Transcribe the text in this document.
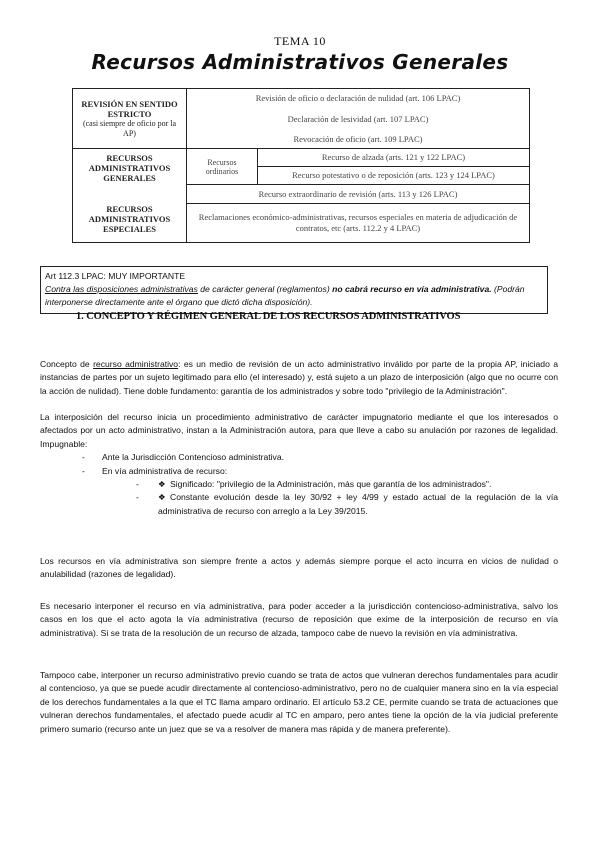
TEMA 10
Recursos Administrativos Generales
REVISIÓN EN SENTIDO ESTRICTO
(casi siempre de oficio por la AP)	Revisión de oficio o declaración de nulidad (art. 106 LPAC)	
	Declaración de lesividad (art. 107 LPAC)	
	Revocación de oficio (art. 109 LPAC)	
RECURSOS ADMINISTRATIVOS GENERALES	Recursos ordinarios	Recurso de alzada (arts. 121 y 122 LPAC)
		Recurso potestativo o de reposición (arts. 123 y 124 LPAC)
	Recurso extraordinario de revisión (arts. 113 y 126 LPAC)	
RECURSOS ADMINISTRATIVOS ESPECIALES	Reclamaciones económico-administrativas, recursos especiales en materia de adjudicación de contratos, etc (arts. 112.2 y 4 LPAC)	
Art 112.3 LPAC: MUY IMPORTANTE
Contra las disposiciones administrativas de carácter general (reglamentos) no cabrá recurso en vía administrativa. (Podrán interponerse directamente ante el órgano que dictó dicha disposición).
1. CONCEPTO Y RÉGIMEN GENERAL DE LOS RECURSOS ADMINISTRATIVOS
Concepto de recurso administrativo: es un medio de revisión de un acto administrativo inválido por parte de la propia AP, iniciado a instancias de partes por un sujeto legitimado para ello (el interesado) y, está sujeto a un plazo de interposición (algo que no ocurre con la acción de nulidad). Tiene doble fundamento: garantía de los administrados y sobre todo "privilegio de la Administración".
La interposición del recurso inicia un procedimiento administrativo de carácter impugnatorio mediante el que los interesados o afectados por un acto administrativo, instan a la Administración autora, para que lleve a cabo su anulación por razones de legalidad. Impugnable:
- Ante la Jurisdicción Contencioso administrativa.
- En vía administrativa de recurso:
- ❖ Significado: "privilegio de la Administración, más que garantía de los administrados".
- ❖ Constante evolución desde la ley 30/92 + ley 4/99 y estado actual de la regulación de la vía administrativa de recurso con arreglo a la Ley 39/2015.
Los recursos en vía administrativa son siempre frente a actos y además siempre porque el acto incurra en vicios de nulidad o anulabilidad (razones de legalidad).
Es necesario interponer el recurso en vía administrativa, para poder acceder a la jurisdicción contencioso-administrativa, salvo los casos en los que el acto agota la vía administrativa (recurso de reposición que exime de la interposición de recurso en vía administrativa). Si se trata de la resolución de un recurso de alzada, tampoco cabe de nuevo la revisión en vía administrativa.
Tampoco cabe, interponer un recurso administrativo previo cuando se trata de actos que vulneran derechos fundamentales para acudir al contencioso, ya que se puede acudir directamente al contencioso-administrativo, pero no de cualquier manera sino en la vía especial de los derechos fundamentales a la que el TC llama amparo ordinario. El artículo 53.2 CE, permite cuando se trata de actuaciones que vulneran derechos fundamentales, el afectado puede acudir al TC en amparo, pero antes tiene la opción de la vía judicial preferente primero sumario (recurso ante un juez que se va a resolver de manera mas rápida y de manera preferente).
